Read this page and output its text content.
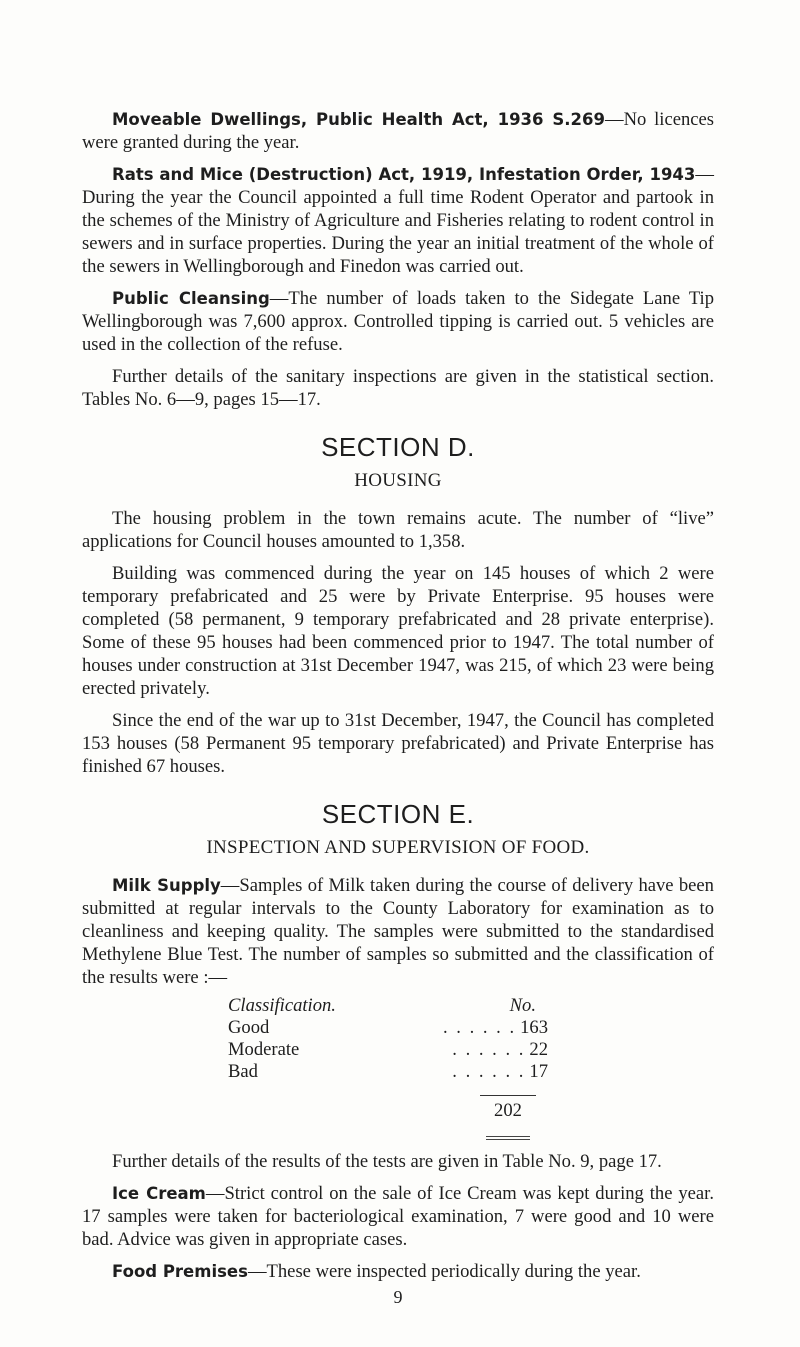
Moveable Dwellings, Public Health Act, 1936 S.269—No licences were granted during the year.

Rats and Mice (Destruction) Act, 1919, Infestation Order, 1943— During the year the Council appointed a full time Rodent Operator and partook in the schemes of the Ministry of Agriculture and Fisheries relating to rodent control in sewers and in surface properties. During the year an initial treatment of the whole of the sewers in Wellingborough and Finedon was carried out.

Public Cleansing—The number of loads taken to the Sidegate Lane Tip Wellingborough was 7,600 approx. Controlled tipping is carried out. 5 vehicles are used in the collection of the refuse.

Further details of the sanitary inspections are given in the statistical section. Tables No. 6—9, pages 15—17.

SECTION D.
HOUSING

The housing problem in the town remains acute. The number of “live” applications for Council houses amounted to 1,358.

Building was commenced during the year on 145 houses of which 2 were temporary prefabricated and 25 were by Private Enterprise. 95 houses were completed (58 permanent, 9 temporary prefabricated and 28 private enterprise). Some of these 95 houses had been commenced prior to 1947. The total number of houses under construction at 31st December 1947, was 215, of which 23 were being erected privately.

Since the end of the war up to 31st December, 1947, the Council has completed 153 houses (58 Permanent 95 temporary prefabricated) and Private Enterprise has finished 67 houses.

SECTION E.
INSPECTION AND SUPERVISION OF FOOD.

Milk Supply—Samples of Milk taken during the course of delivery have been submitted at regular intervals to the County Laboratory for examination as to cleanliness and keeping quality. The samples were submitted to the standardised Methylene Blue Test. The number of samples so submitted and the classification of the results were :—

Classification.	No.
Good	. . . . . . 163
Moderate	. . . . . . 22
Bad	. . . . . . 17
202

Further details of the results of the tests are given in Table No. 9, page 17.

Ice Cream—Strict control on the sale of Ice Cream was kept during the year. 17 samples were taken for bacteriological examination, 7 were good and 10 were bad. Advice was given in appropriate cases.

Food Premises—These were inspected periodically during the year.

9
